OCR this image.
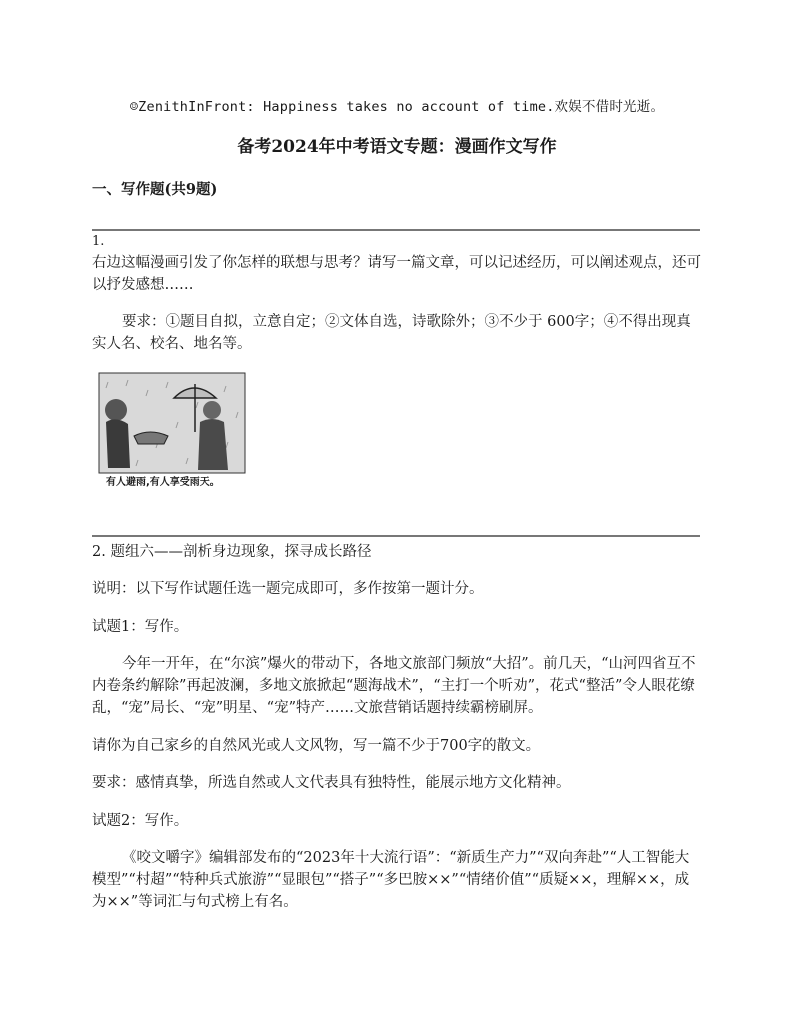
☺ZenithInFront: Happiness takes no account of time.欢娱不借时光逝。
备考2024年中考语文专题：漫画作文写作
一、写作题(共9题)
1.
右边这幅漫画引发了你怎样的联想与思考？请写一篇文章，可以记述经历，可以阐述观点，还可以抒发感想……
要求：①题目自拟，立意自定；②文体自选，诗歌除外；③不少于 600字；④不得出现真实人名、校名、地名等。
有人避雨,有人享受雨天。
2. 题组六——剖析身边现象，探寻成长路径
说明：以下写作试题任选一题完成即可，多作按第一题计分。
试题1：写作。
今年一开年，在“尔滨”爆火的带动下，各地文旅部门频放“大招”。前几天，“山河四省互不内卷条约解除”再起波澜，多地文旅掀起“题海战术”，“主打一个听劝”，花式“整活”令人眼花缭乱，“宠”局长、“宠”明星、“宠”特产……文旅营销话题持续霸榜刷屏。
请你为自己家乡的自然风光或人文风物，写一篇不少于700字的散文。
要求：感情真挚，所选自然或人文代表具有独特性，能展示地方文化精神。
试题2：写作。
《咬文嚼字》编辑部发布的“2023年十大流行语”：“新质生产力”“双向奔赴”“人工智能大模型”“村超”“特种兵式旅游”“显眼包”“搭子”“多巴胺××”“情绪价值”“质疑××，理解××，成为××”等词汇与句式榜上有名。
